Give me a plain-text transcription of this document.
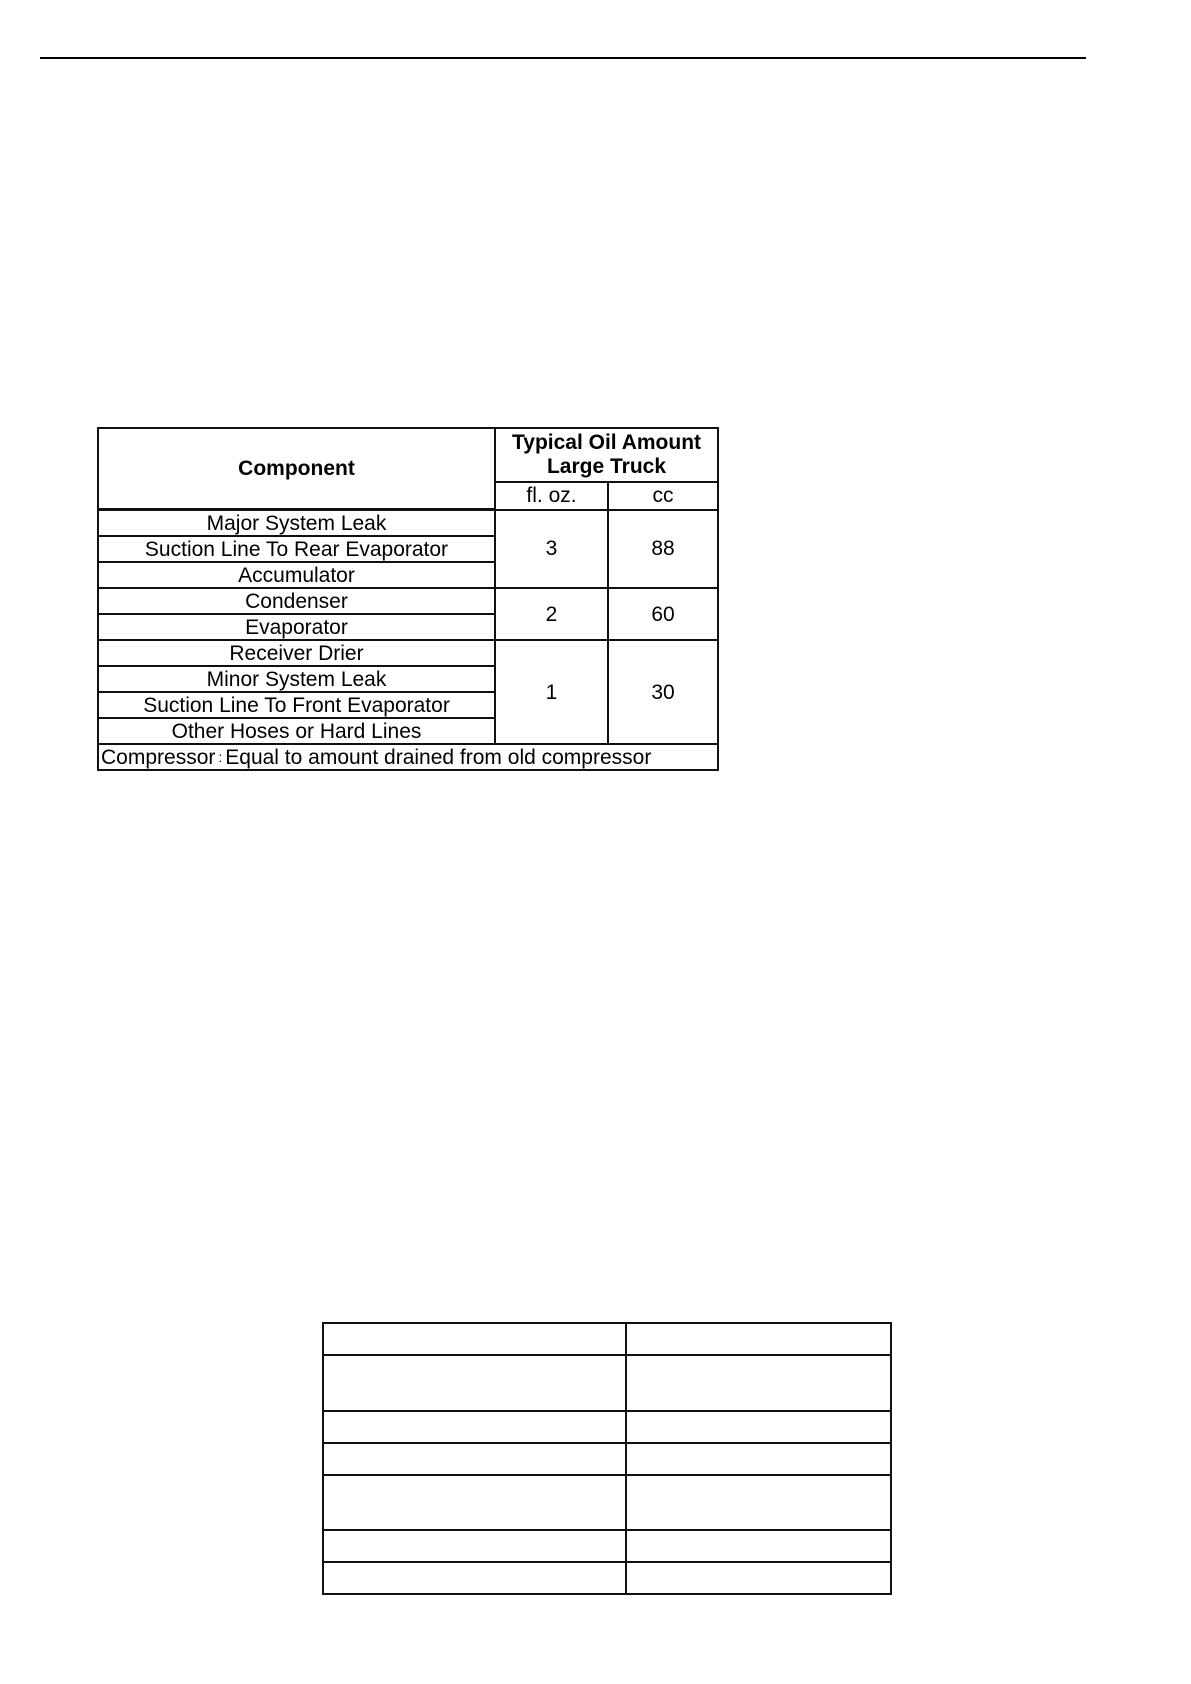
Component	Typical Oil Amount
Large Truck	
	fl. oz.	cc
Major System Leak	3	88
Suction Line To Rear Evaporator		
Accumulator		
Condenser	2	60
Evaporator		
Receiver Drier	1	30
Minor System Leak		
Suction Line To Front Evaporator		
Other Hoses or Hard Lines		
Compressor : Equal to amount drained from old compressor		
